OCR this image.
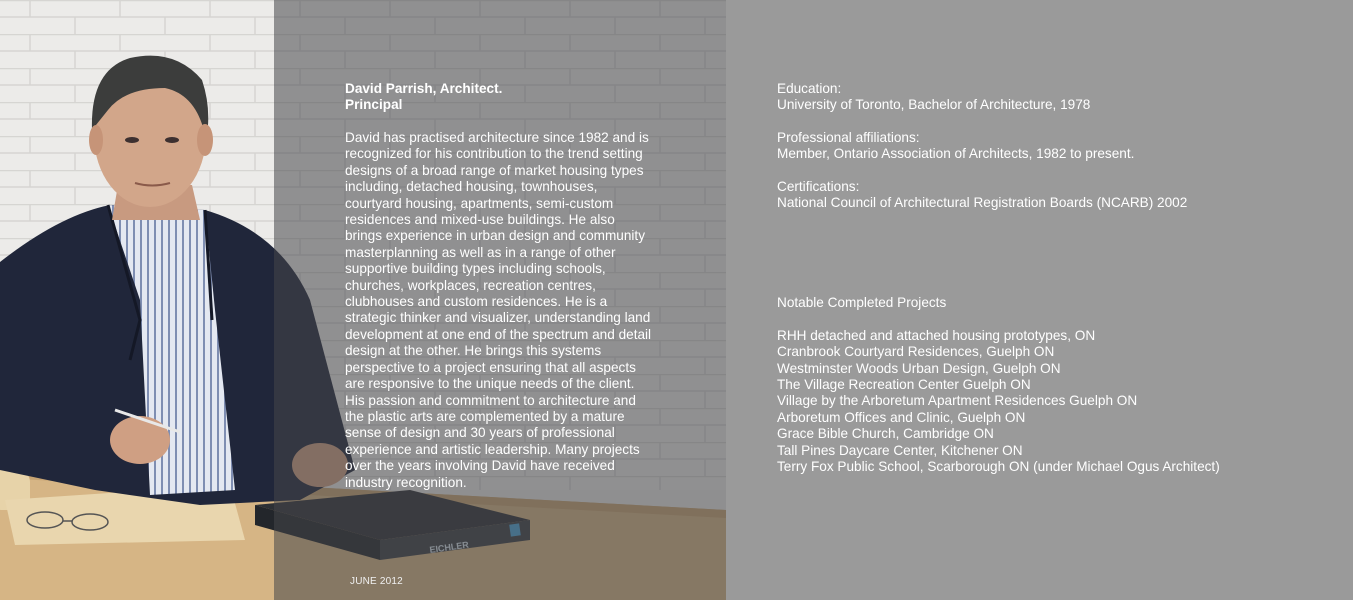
David Parrish, Architect.
Principal
David has practised architecture since 1982 and is
recognized for his contribution to the trend setting
designs of a broad range of market housing types
including, detached housing, townhouses,
courtyard housing, apartments, semi-custom
residences and mixed-use buildings. He also
brings experience in urban design and community
masterplanning as well as in a range of other
supportive building types including schools,
churches, workplaces, recreation centres,
clubhouses and custom residences. He is a
strategic thinker and visualizer, understanding land
development at one end of the spectrum and detail
design at the other. He brings this systems
perspective to a project ensuring that all aspects
are responsive to the unique needs of the client.
His passion and commitment to architecture and
the plastic arts are complemented by a mature
sense of design and 30 years of professional
experience and artistic leadership. Many projects
over the years involving David have received
industry recognition.
JUNE 2012
Education:
University of Toronto, Bachelor of Architecture, 1978
Professional affiliations:
Member, Ontario Association of Architects, 1982 to present.
Certifications:
National Council of Architectural Registration Boards (NCARB) 2002
Notable Completed Projects
RHH detached and attached housing prototypes, ON
Cranbrook Courtyard Residences, Guelph ON
Westminster Woods Urban Design, Guelph ON
The Village Recreation Center Guelph ON
Village by the Arboretum Apartment Residences Guelph ON
Arboretum Offices and Clinic, Guelph ON
Grace Bible Church, Cambridge ON
Tall Pines Daycare Center, Kitchener ON
Terry Fox Public School, Scarborough ON (under Michael Ogus Architect)
